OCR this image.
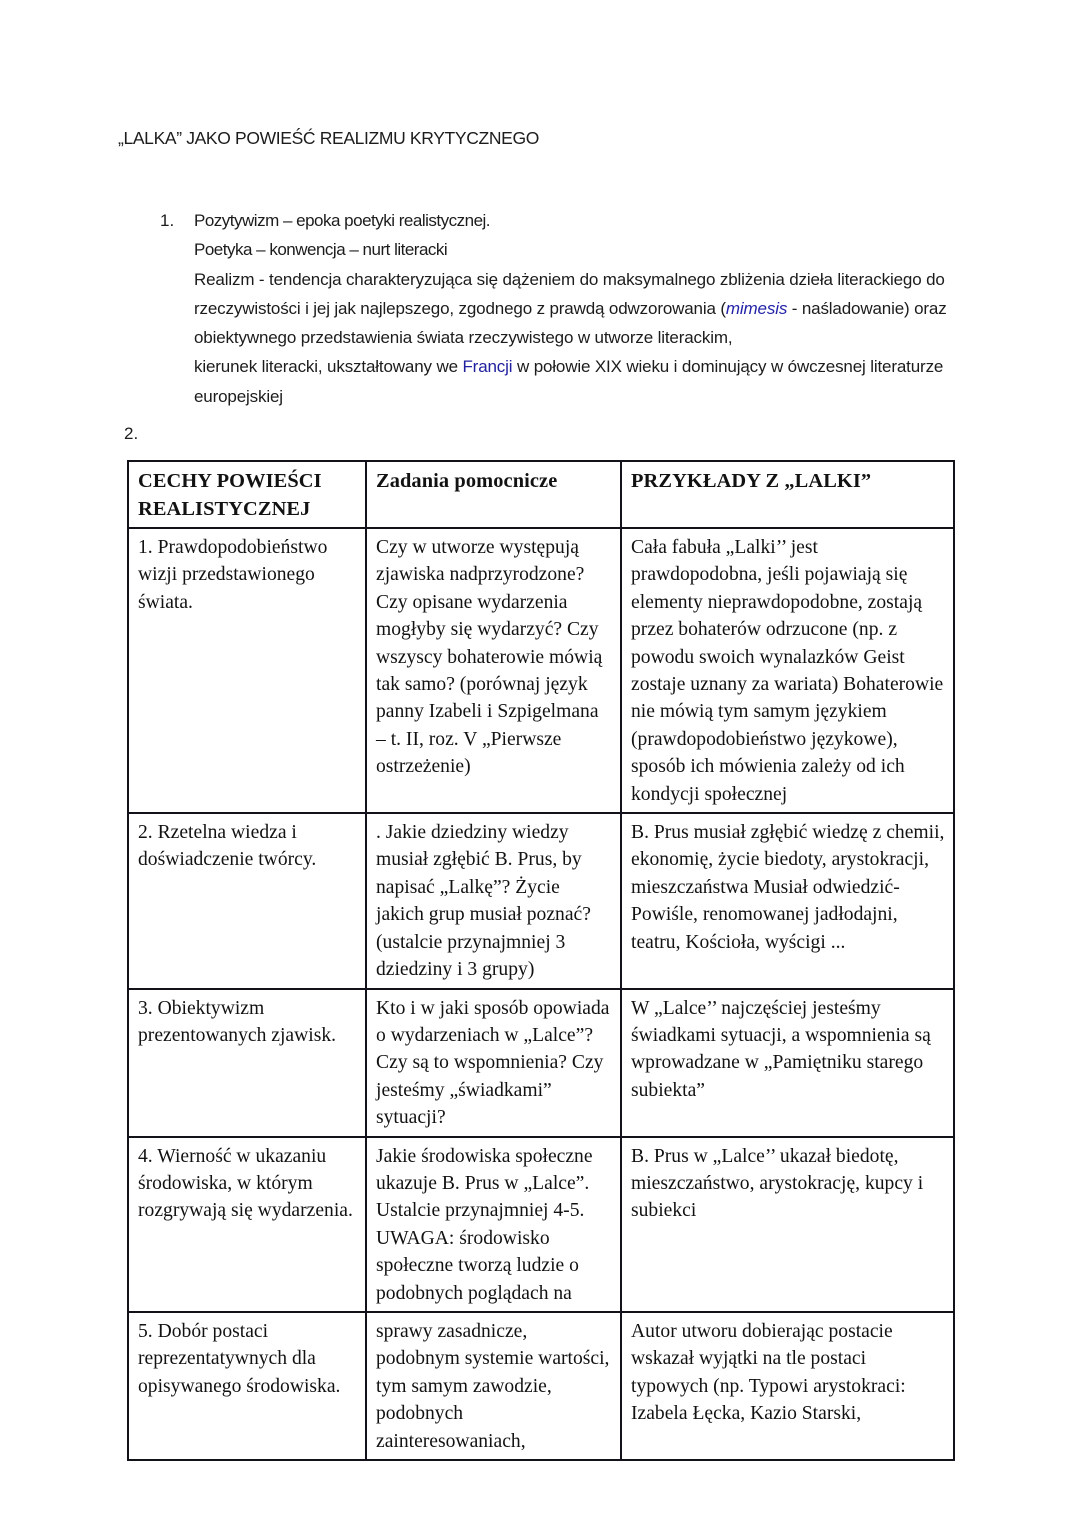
„LALKA” JAKO POWIEŚĆ REALIZMU KRYTYCZNEGO
1. Pozytywizm – epoka poetyki realistycznej.
Poetyka – konwencja – nurt literacki
Realizm - tendencja charakteryzująca się dążeniem do maksymalnego zbliżenia dzieła literackiego do rzeczywistości i jej jak najlepszego, zgodnego z prawdą odwzorowania (mimesis - naśladowanie) oraz obiektywnego przedstawienia świata rzeczywistego w utworze literackim,
kierunek literacki, ukształtowany we Francji w połowie XIX wieku i dominujący w ówczesnej literaturze europejskiej
2.
CECHY POWIEŚCI
REALISTYCZNEJ	Zadania pomocnicze	PRZYKŁADY Z „LALKI”
1. Prawdopodobieństwo wizji przedstawionego świata.	Czy w utworze występują zjawiska nadprzyrodzone? Czy opisane wydarzenia mogłyby się wydarzyć? Czy wszyscy bohaterowie mówią tak samo? (porównaj język panny Izabeli i Szpigelmana – t. II, roz. V „Pierwsze ostrzeżenie)	Cała fabuła „Lalki’’ jest prawdopodobna, jeśli pojawiają się elementy nieprawdopodobne, zostają przez bohaterów odrzucone (np. z powodu swoich wynalazków Geist zostaje uznany za wariata) Bohaterowie nie mówią tym samym językiem (prawdopodobieństwo językowe), sposób ich mówienia zależy od ich kondycji społecznej
2. Rzetelna wiedza i doświadczenie twórcy.	. Jakie dziedziny wiedzy musiał zgłębić B. Prus, by napisać „Lalkę”? Życie jakich grup musiał poznać? (ustalcie przynajmniej 3 dziedziny i 3 grupy)	B. Prus musiał zgłębić wiedzę z chemii, ekonomię, życie biedoty, arystokracji, mieszczaństwa Musiał odwiedzić- Powiśle, renomowanej jadłodajni, teatru, Kościoła, wyścigi ...
3. Obiektywizm prezentowanych zjawisk.	Kto i w jaki sposób opowiada o wydarzeniach w „Lalce”? Czy są to wspomnienia? Czy jesteśmy „świadkami” sytuacji?	W „Lalce’’ najczęściej jesteśmy świadkami sytuacji, a wspomnienia są wprowadzane w „Pamiętniku starego subiekta”
4. Wierność w ukazaniu środowiska, w którym rozgrywają się wydarzenia.	Jakie środowiska społeczne ukazuje B. Prus w „Lalce”. Ustalcie przynajmniej 4-5. UWAGA: środowisko społeczne tworzą ludzie o podobnych poglądach na	B. Prus w „Lalce’’ ukazał biedotę, mieszczaństwo, arystokrację, kupcy i subiekci
5. Dobór postaci reprezentatywnych dla opisywanego środowiska.	sprawy zasadnicze, podobnym systemie wartości, tym samym zawodzie, podobnych zainteresowaniach,	Autor utworu dobierając postacie wskazał wyjątki na tle postaci typowych (np. Typowi arystokraci: Izabela Łęcka, Kazio Starski,
